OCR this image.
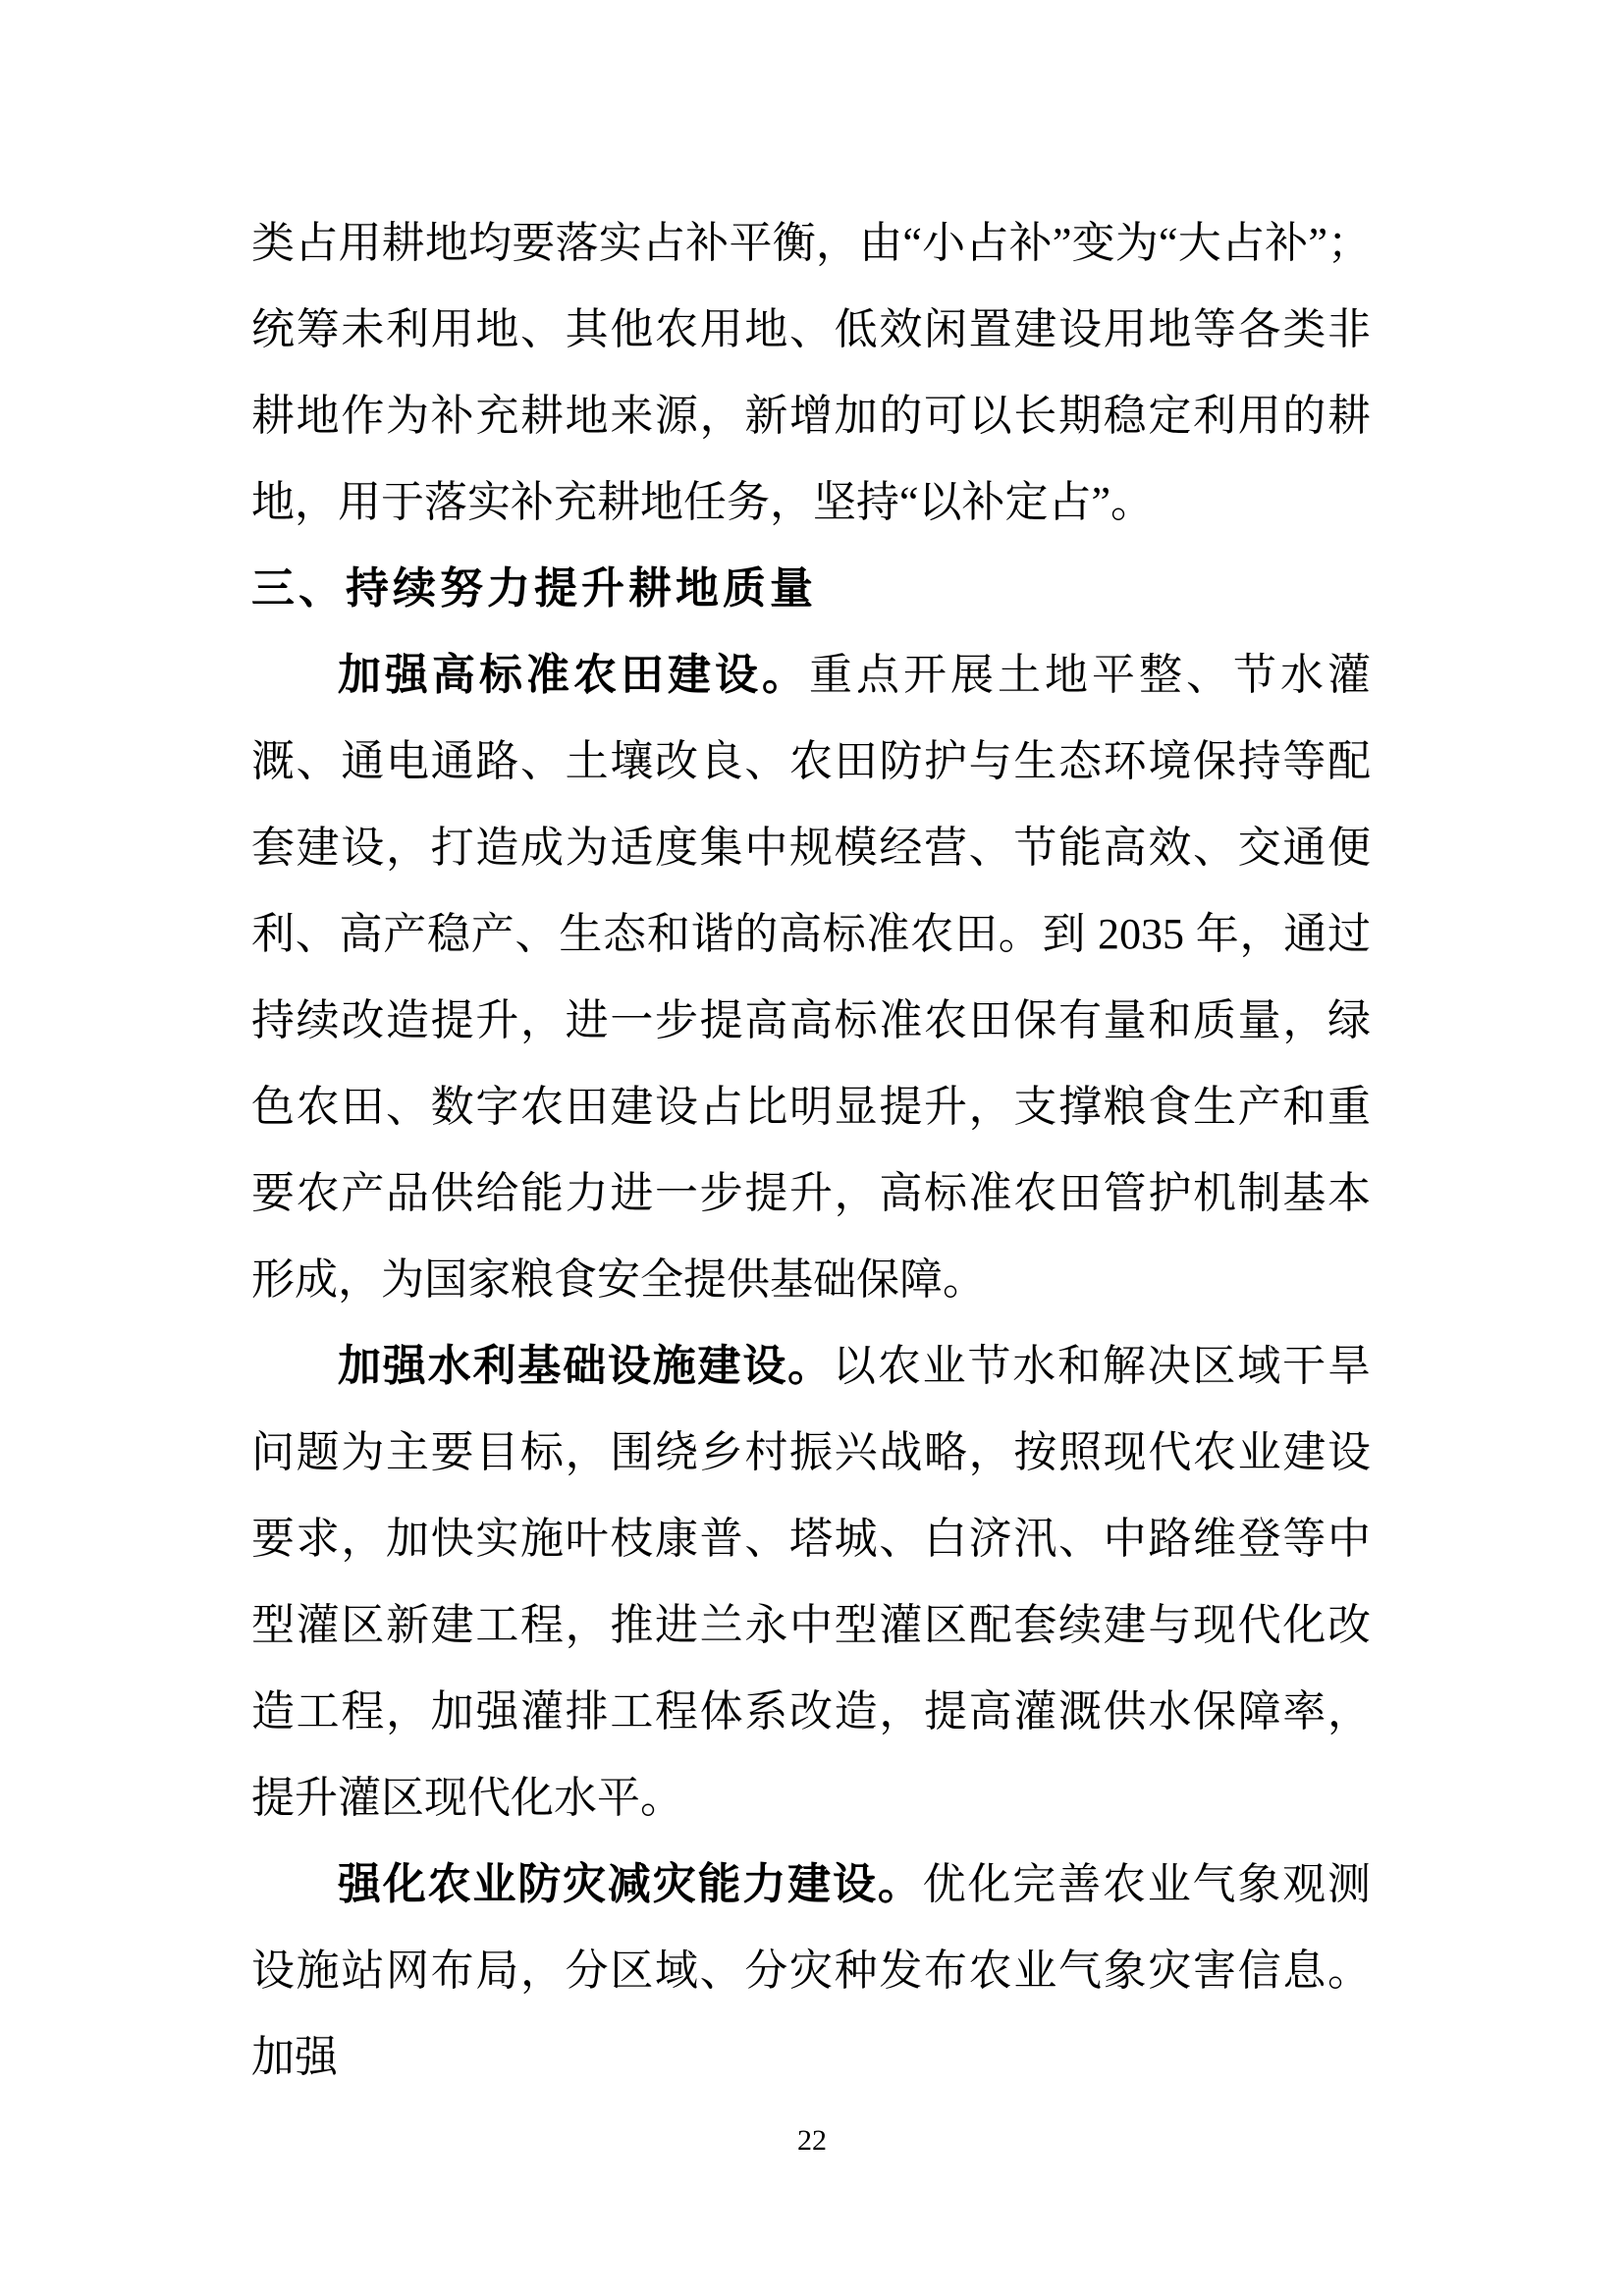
类占用耕地均要落实占补平衡，由“小占补”变为“大占补”；统筹未利用地、其他农用地、低效闲置建设用地等各类非耕地作为补充耕地来源，新增加的可以长期稳定利用的耕地，用于落实补充耕地任务，坚持“以补定占”。

三、持续努力提升耕地质量

加强高标准农田建设。重点开展土地平整、节水灌溉、通电通路、土壤改良、农田防护与生态环境保持等配套建设，打造成为适度集中规模经营、节能高效、交通便利、高产稳产、生态和谐的高标准农田。到 2035 年，通过持续改造提升，进一步提高高标准农田保有量和质量，绿色农田、数字农田建设占比明显提升，支撑粮食生产和重要农产品供给能力进一步提升，高标准农田管护机制基本形成，为国家粮食安全提供基础保障。

加强水利基础设施建设。以农业节水和解决区域干旱问题为主要目标，围绕乡村振兴战略，按照现代农业建设要求，加快实施叶枝康普、塔城、白济汛、中路维登等中型灌区新建工程，推进兰永中型灌区配套续建与现代化改造工程，加强灌排工程体系改造，提高灌溉供水保障率，提升灌区现代化水平。

强化农业防灾减灾能力建设。优化完善农业气象观测设施站网布局，分区域、分灾种发布农业气象灾害信息。加强

22
